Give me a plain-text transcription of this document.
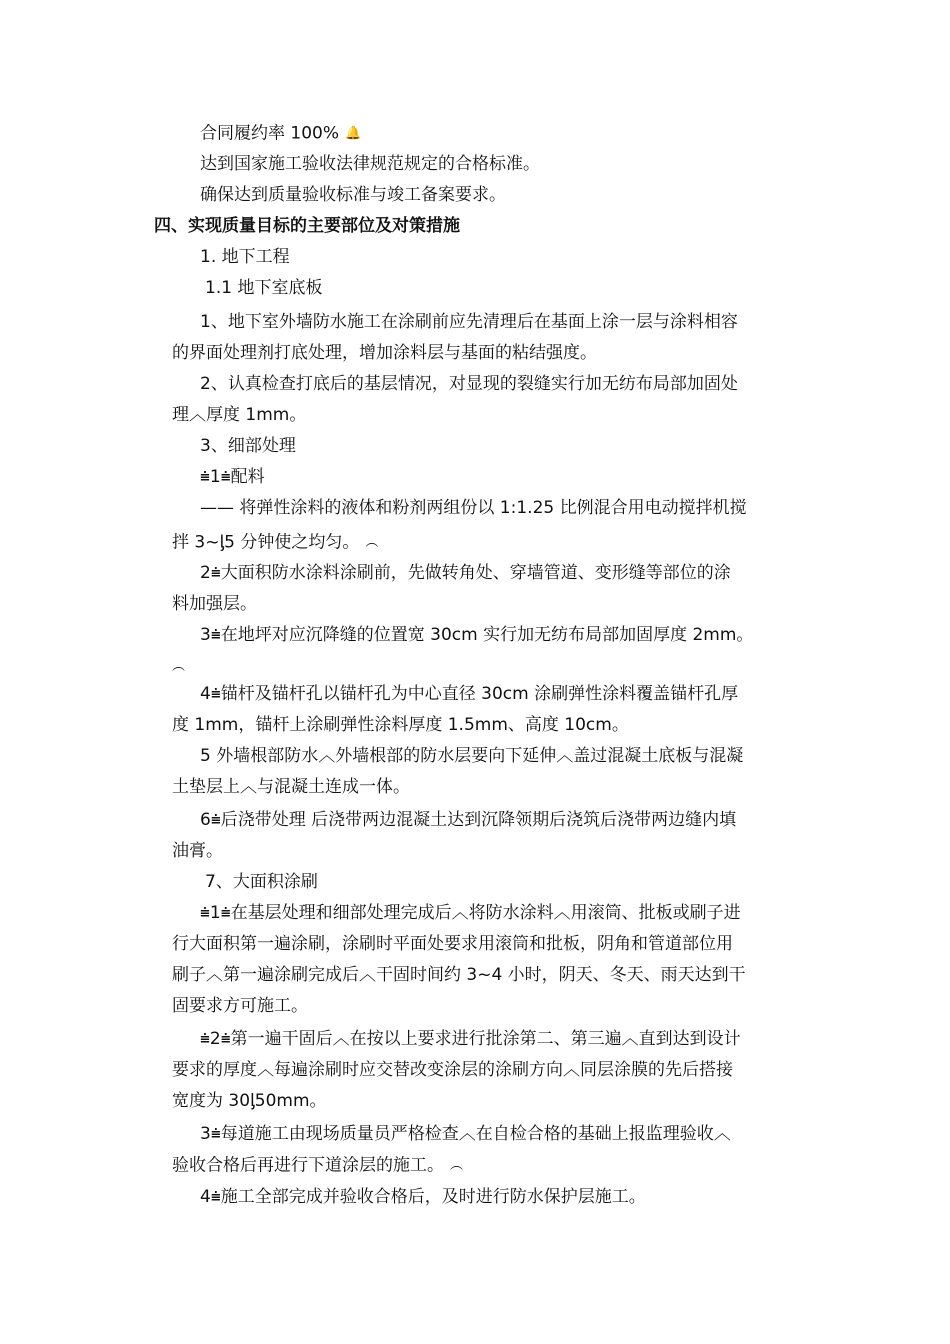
合同履约率 100% 🔔
达到国家施工验收法律规范规定的合格标准。
确保达到质量验收标准与竣工备案要求。
四、实现质量目标的主要部位及对策措施
1. 地下工程
1.1 地下室底板
1、地下室外墙防水施工在涂刷前应先清理后在基面上涂一层与涂料相容
的界面处理剂打底处理，增加涂料层与基面的粘结强度。
2、认真检查打底后的基层情况，对显现的裂缝实行加无纺布局部加固处
理︿厚度 1mm。
3、细部处理
⩧1⩧配料
—— 将弹性涂料的液体和粉剂两组份以 1:1.25 比例混合用电动搅拌机搅
拌 3~ᶅ5 分钟使之均匀。 ︵
2⩧大面积防水涂料涂刷前，先做转角处、穿墙管道、变形缝等部位的涂
料加强层。
3⩧在地坪对应沉降缝的位置宽 30cm 实行加无纺布局部加固厚度 2mm。
︵
4⩧锚杆及锚杆孔以锚杆孔为中心直径 30cm 涂刷弹性涂料覆盖锚杆孔厚
度 1mm，锚杆上涂刷弹性涂料厚度 1.5mm、高度 10cm。
5 外墙根部防水︿外墙根部的防水层要向下延伸︿盖过混凝土底板与混凝
土垫层上︿与混凝土连成一体。
6⩧后浇带处理 后浇带两边混凝土达到沉降领期后浇筑后浇带两边缝内填
油膏。
7、大面积涂刷
⩧1⩧在基层处理和细部处理完成后︿将防水涂料︿用滚筒、批板或刷子进
行大面积第一遍涂刷，涂刷时平面处要求用滚筒和批板，阴角和管道部位用
刷子︿第一遍涂刷完成后︿干固时间约 3~4 小时，阴天、冬天、雨天达到干
固要求方可施工。
⩧2⩧第一遍干固后︿在按以上要求进行批涂第二、第三遍︿直到达到设计
要求的厚度︿每遍涂刷时应交替改变涂层的涂刷方向︿同层涂膜的先后搭接
宽度为 30ᶅ50mm。
3⩧每道施工由现场质量员严格检查︿在自检合格的基础上报监理验收︿
验收合格后再进行下道涂层的施工。 ︵
4⩧施工全部完成并验收合格后，及时进行防水保护层施工。
